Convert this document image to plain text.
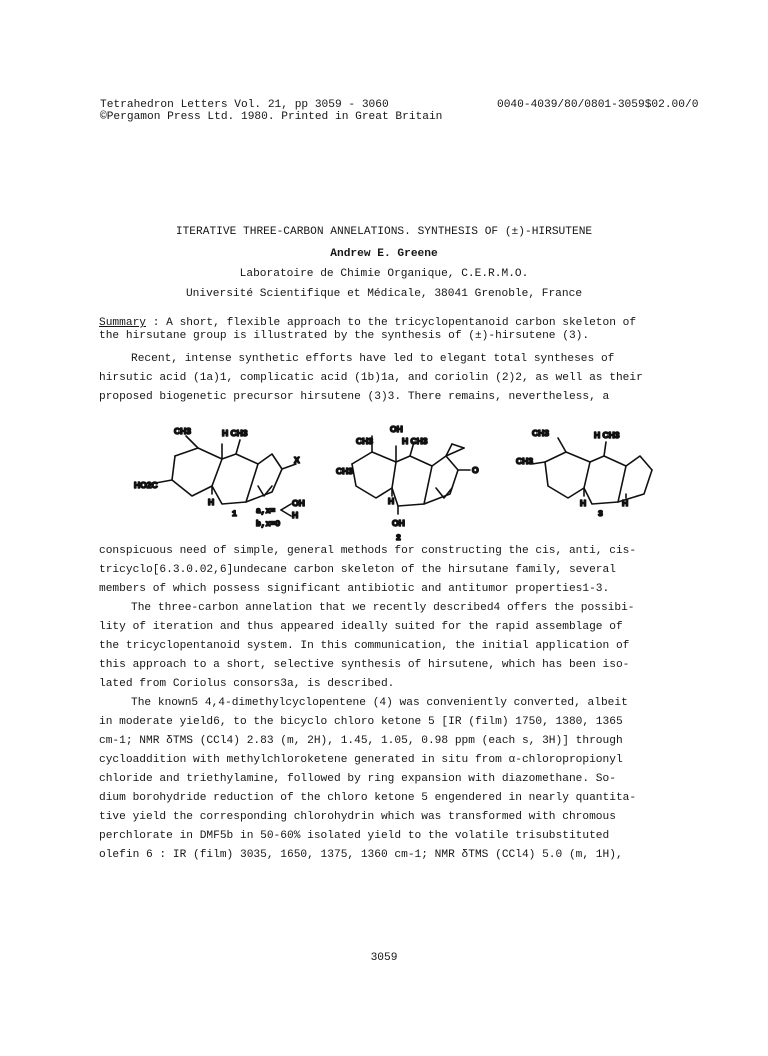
Tetrahedron Letters Vol. 21, pp 3059 - 3060
©Pergamon Press Ltd. 1980. Printed in Great Britain
0040-4039/80/0801-3059$02.00/0
ITERATIVE THREE-CARBON ANNELATIONS. SYNTHESIS OF (±)-HIRSUTENE
Andrew E. Greene
Laboratoire de Chimie Organique, C.E.R.M.O.
Université Scientifique et Médicale, 38041 Grenoble, France
Summary : A short, flexible approach to the tricyclopentanoid carbon skeleton of
the hirsutane group is illustrated by the synthesis of (±)-hirsutene (3).
Recent, intense synthetic efforts have led to elegant total syntheses of
hirsutic acid (1a)1, complicatic acid (1b)1a, and coriolin (2)2, as well as their
proposed biogenetic precursor hirsutene (3)3. There remains, nevertheless, a
CH3	H CH3
HO2C
X
H
1 a,x=
b,x=O
OH
H
OH
CH3	H CH3
CH3	O
H
OH
2
CH3	H CH3
CH3
H	H
3
conspicuous need of simple, general methods for constructing the cis, anti, cis-
tricyclo[6.3.0.02,6]undecane carbon skeleton of the hirsutane family, several
members of which possess significant antibiotic and antitumor properties1-3.
The three-carbon annelation that we recently described4 offers the possibi-
lity of iteration and thus appeared ideally suited for the rapid assemblage of
the tricyclopentanoid system. In this communication, the initial application of
this approach to a short, selective synthesis of hirsutene, which has been iso-
lated from Coriolus consors3a, is described.
The known5 4,4-dimethylcyclopentene (4) was conveniently converted, albeit
in moderate yield6, to the bicyclo chloro ketone 5 [IR (film) 1750, 1380, 1365
cm-1; NMR δTMS (CCl4) 2.83 (m, 2H), 1.45, 1.05, 0.98 ppm (each s, 3H)] through
cycloaddition with methylchloroketene generated in situ from α-chloropropionyl
chloride and triethylamine, followed by ring expansion with diazomethane. So-
dium borohydride reduction of the chloro ketone 5 engendered in nearly quantita-
tive yield the corresponding chlorohydrin which was transformed with chromous
perchlorate in DMF5b in 50-60% isolated yield to the volatile trisubstituted
olefin 6 : IR (film) 3035, 1650, 1375, 1360 cm-1; NMR δTMS (CCl4) 5.0 (m, 1H),
3059
